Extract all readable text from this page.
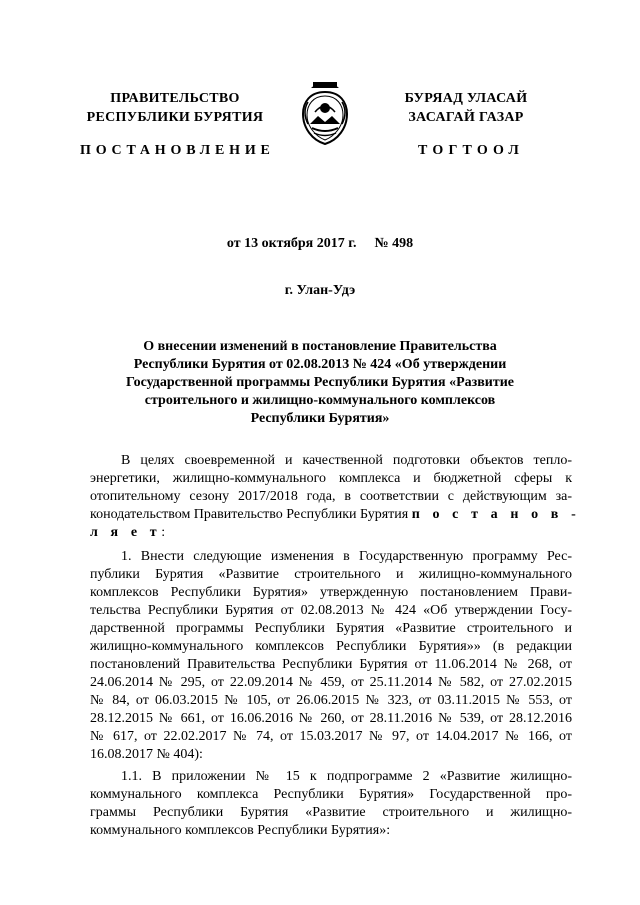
ПРАВИТЕЛЬСТВО
РЕСПУБЛИКИ БУРЯТИЯ
БУРЯАД УЛАСАЙ
ЗАСАГАЙ ГАЗАР
ПОСТАНОВЛЕНИЕ	ТОГТООЛ
от 13 октября 2017 г. № 498
г. Улан-Удэ
О внесении изменений в постановление Правительства
Республики Бурятия от 02.08.2013 № 424 «Об утверждении
Государственной программы Республики Бурятия «Развитие
строительного и жилищно-коммунального комплексов
Республики Бурятия»
В целях своевременной и качественной подготовки объектов тепло-
энергетики, жилищно-коммунального комплекса и бюджетной сферы к
отопительному сезону 2017/2018 года, в соответствии с действующим за-
конодательством Правительство Республики Бурятия п о с т а н о в -
л я е т:
1. Внести следующие изменения в Государственную программу Рес-
публики Бурятия «Развитие строительного и жилищно-коммунального
комплексов Республики Бурятия» утвержденную постановлением Прави-
тельства Республики Бурятия от 02.08.2013 № 424 «Об утверждении Госу-
дарственной программы Республики Бурятия «Развитие строительного и
жилищно-коммунального комплексов Республики Бурятия»» (в редакции
постановлений Правительства Республики Бурятия от 11.06.2014 № 268, от
24.06.2014 № 295, от 22.09.2014 № 459, от 25.11.2014 № 582, от 27.02.2015
№ 84, от 06.03.2015 № 105, от 26.06.2015 № 323, от 03.11.2015 № 553, от
28.12.2015 № 661, от 16.06.2016 № 260, от 28.11.2016 № 539, от 28.12.2016
№ 617, от 22.02.2017 № 74, от 15.03.2017 № 97, от 14.04.2017 № 166, от
16.08.2017 № 404):
1.1. В приложении № 15 к подпрограмме 2 «Развитие жилищно-
коммунального комплекса Республики Бурятия» Государственной про-
граммы Республики Бурятия «Развитие строительного и жилищно-
коммунального комплексов Республики Бурятия»:
